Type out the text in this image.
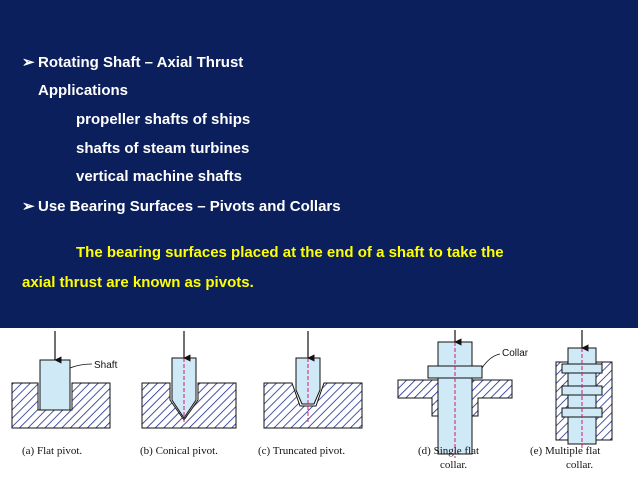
➢ Rotating Shaft – Axial Thrust
Applications
propeller shafts of ships
shafts of steam turbines
vertical machine shafts
➢ Use Bearing Surfaces – Pivots and Collars
The bearing surfaces placed at the end of a shaft to take the
axial thrust are known as pivots.
Shaft
Collar
(a) Flat pivot.	(b) Conical pivot.	(c) Truncated pivot.	(d) Single flat
collar.
(e) Multiple flat
collar.
